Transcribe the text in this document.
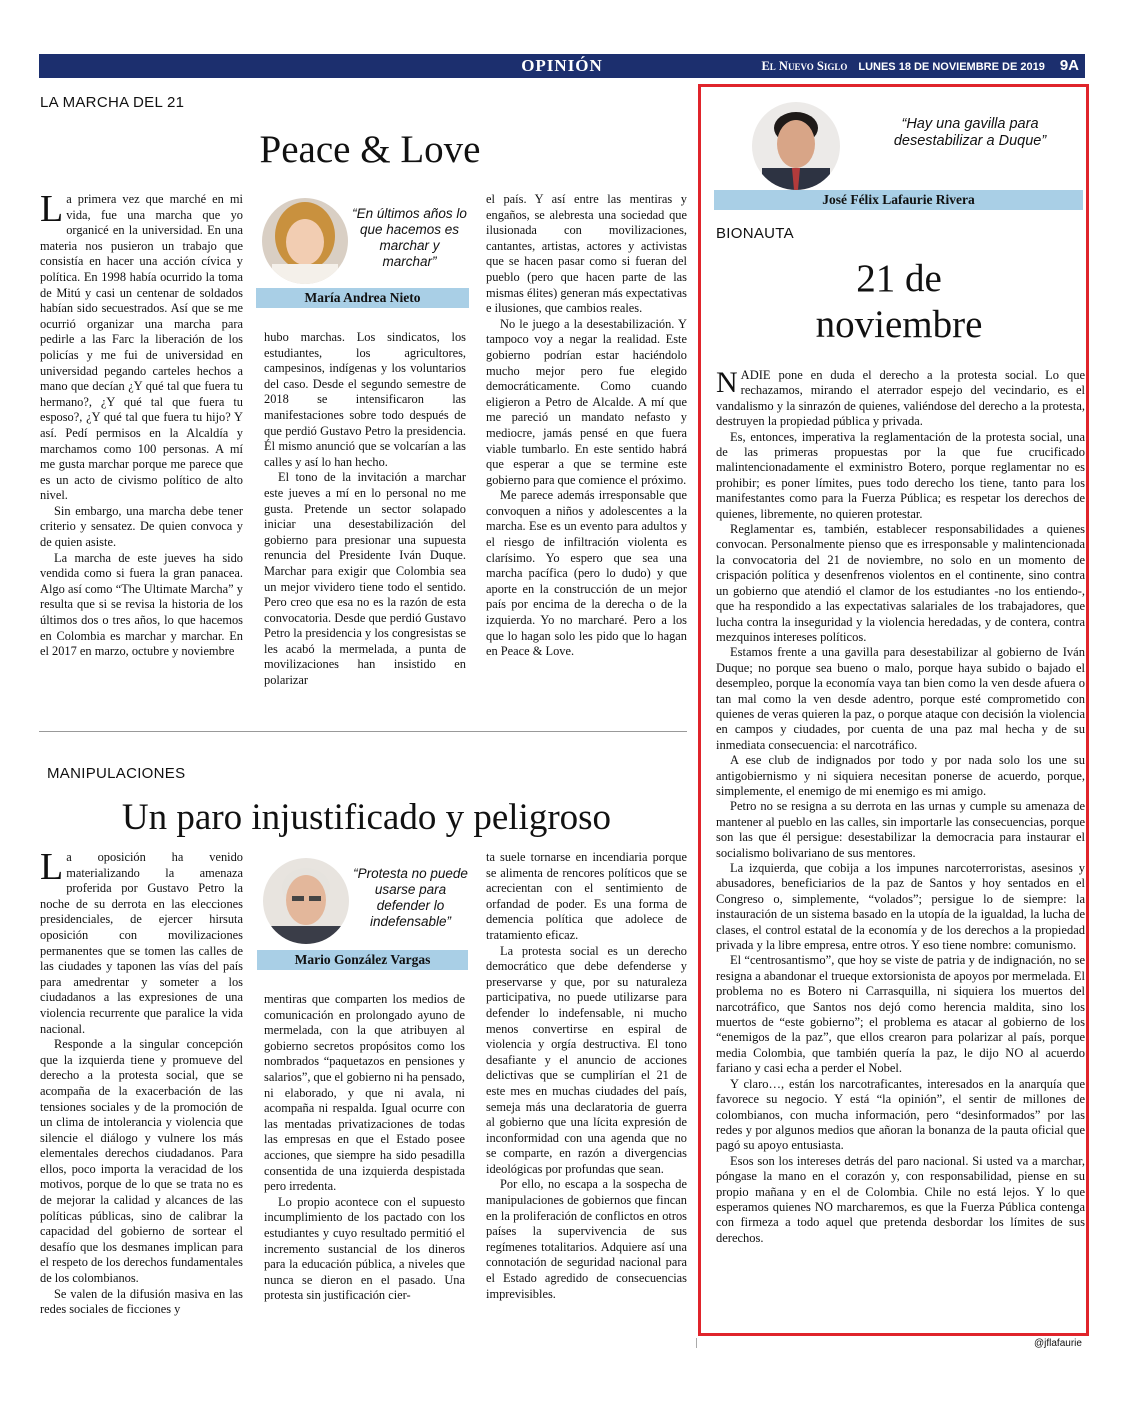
OPINIÓN	El Nuevo Siglo LUNES 18 DE NOVIEMBRE DE 2019 9A
LA MARCHA DEL 21
Peace & Love

La primera vez que marché en mi vida, fue una marcha que yo organicé en la universidad. En una materia nos pusieron un trabajo que consistía en hacer una acción cívica y política. En 1998 había ocurrido la toma de Mitú y casi un centenar de soldados habían sido secuestrados. Así que se me ocurrió organizar una marcha para pedirle a las Farc la liberación de los policías y me fui de universidad en universidad pegando carteles hechos a mano que decían ¿Y qué tal que fuera tu hermano?, ¿Y qué tal que fuera tu esposo?, ¿Y qué tal que fuera tu hijo? Y así. Pedí permisos en la Alcaldía y marchamos como 100 personas. A mí me gusta marchar porque me parece que es un acto de civismo político de alto nivel.

Sin embargo, una marcha debe tener criterio y sensatez. De quien convoca y de quien asiste.

La marcha de este jueves ha sido vendida como si fuera la gran panacea. Algo así como “The Ultimate Marcha” y resulta que si se revisa la historia de los últimos dos o tres años, lo que hacemos en Colombia es marchar y marchar. En el 2017 en marzo, octubre y noviembre

“En últimos años lo que hacemos es marchar y marchar”
María Andrea Nieto

hubo marchas. Los sindicatos, los estudiantes, los agricultores, campesinos, indígenas y los voluntarios del caso. Desde el segundo semestre de 2018 se intensificaron las manifestaciones sobre todo después de que perdió Gustavo Petro la presidencia. Él mismo anunció que se volcarían a las calles y así lo han hecho.

El tono de la invitación a marchar este jueves a mí en lo personal no me gusta. Pretende un sector solapado iniciar una desestabilización del gobierno para presionar una supuesta renuncia del Presidente Iván Duque. Marchar para exigir que Colombia sea un mejor vividero tiene todo el sentido. Pero creo que esa no es la razón de esta convocatoria. Desde que perdió Gustavo Petro la presidencia y los congresistas se les acabó la mermelada, a punta de movilizaciones han insistido en polarizar

el país. Y así entre las mentiras y engaños, se alebresta una sociedad que ilusionada con movilizaciones, cantantes, artistas, actores y activistas que se hacen pasar como si fueran del pueblo (pero que hacen parte de las mismas élites) generan más expectativas e ilusiones, que cambios reales.

No le juego a la desestabilización. Y tampoco voy a negar la realidad. Este gobierno podrían estar haciéndolo mucho mejor pero fue elegido democráticamente. Como cuando eligieron a Petro de Alcalde. A mí que me pareció un mandato nefasto y mediocre, jamás pensé en que fuera viable tumbarlo. En este sentido habrá que esperar a que se termine este gobierno para que comience el próximo.

Me parece además irresponsable que convoquen a niños y adolescentes a la marcha. Ese es un evento para adultos y el riesgo de infiltración violenta es clarísimo. Yo espero que sea una marcha pacífica (pero lo dudo) y que aporte en la construcción de un mejor país por encima de la derecha o de la izquierda. Yo no marcharé. Pero a los que lo hagan solo les pido que lo hagan en Peace & Love.

MANIPULACIONES
Un paro injustificado y peligroso

La oposición ha venido materializando la amenaza proferida por Gustavo Petro la noche de su derrota en las elecciones presidenciales, de ejercer hirsuta oposición con movilizaciones permanentes que se tomen las calles de las ciudades y taponen las vías del país para amedrentar y someter a los ciudadanos a las expresiones de una violencia recurrente que paralice la vida nacional.

Responde a la singular concepción que la izquierda tiene y promueve del derecho a la protesta social, que se acompaña de la exacerbación de las tensiones sociales y de la promoción de un clima de intolerancia y violencia que silencie el diálogo y vulnere los más elementales derechos ciudadanos. Para ellos, poco importa la veracidad de los motivos, porque de lo que se trata no es de mejorar la calidad y alcances de las políticas públicas, sino de calibrar la capacidad del gobierno de sortear el desafío que los desmanes implican para el respeto de los derechos fundamentales de los colombianos.

Se valen de la difusión masiva en las redes sociales de ficciones y

“Protesta no puede usarse para defender lo indefensable”
Mario González Vargas

mentiras que comparten los medios de comunicación en prolongado ayuno de mermelada, con la que atribuyen al gobierno secretos propósitos como los nombrados “paquetazos en pensiones y salarios”, que el gobierno ni ha pensado, ni elaborado, y que ni avala, ni acompaña ni respalda. Igual ocurre con las mentadas privatizaciones de todas las empresas en que el Estado posee acciones, que siempre ha sido pesadilla consentida de una izquierda despistada pero irredenta.

Lo propio acontece con el supuesto incumplimiento de los pactado con los estudiantes y cuyo resultado permitió el incremento sustancial de los dineros para la educación pública, a niveles que nunca se dieron en el pasado. Una protesta sin justificación cier-

ta suele tornarse en incendiaria porque se alimenta de rencores políticos que se acrecientan con el sentimiento de orfandad de poder. Es una forma de demencia política que adolece de tratamiento eficaz.

La protesta social es un derecho democrático que debe defenderse y preservarse y que, por su naturaleza participativa, no puede utilizarse para defender lo indefensable, ni mucho menos convertirse en espiral de violencia y orgía destructiva. El tono desafiante y el anuncio de acciones delictivas que se cumplirían el 21 de este mes en muchas ciudades del país, semeja más una declaratoria de guerra al gobierno que una lícita expresión de inconformidad con una agenda que no se comparte, en razón a divergencias ideológicas por profundas que sean.

Por ello, no escapa a la sospecha de manipulaciones de gobiernos que fincan en la proliferación de conflictos en otros países la supervivencia de sus regímenes totalitarios. Adquiere así una connotación de seguridad nacional para el Estado agredido de consecuencias imprevisibles.

“Hay una gavilla para desestabilizar a Duque”
José Félix Lafaurie Rivera
BIONAUTA
21 de
noviembre

NADIE pone en duda el derecho a la protesta social. Lo que rechazamos, mirando el aterrador espejo del vecindario, es el vandalismo y la sinrazón de quienes, valiéndose del derecho a la protesta, destruyen la propiedad pública y privada.

Es, entonces, imperativa la reglamentación de la protesta social, una de las primeras propuestas por la que fue crucificado malintencionadamente el exministro Botero, porque reglamentar no es prohibir; es poner límites, pues todo derecho los tiene, tanto para los manifestantes como para la Fuerza Pública; es respetar los derechos de quienes, libremente, no quieren protestar.

Reglamentar es, también, establecer responsabilidades a quienes convocan. Personalmente pienso que es irresponsable y malintencionada la convocatoria del 21 de noviembre, no solo en un momento de crispación política y desenfrenos violentos en el continente, sino contra un gobierno que atendió el clamor de los estudiantes -no los entiendo-, que ha respondido a las expectativas salariales de los trabajadores, que lucha contra la inseguridad y la violencia heredadas, y de contera, contra mezquinos intereses políticos.

Estamos frente a una gavilla para desestabilizar al gobierno de Iván Duque; no porque sea bueno o malo, porque haya subido o bajado el desempleo, porque la economía vaya tan bien como la ven desde afuera o tan mal como la ven desde adentro, porque esté comprometido con quienes de veras quieren la paz, o porque ataque con decisión la violencia en campos y ciudades, por cuenta de una paz mal hecha y de su inmediata consecuencia: el narcotráfico.

A ese club de indignados por todo y por nada solo los une su antigobiernismo y ni siquiera necesitan ponerse de acuerdo, porque, simplemente, el enemigo de mi enemigo es mi amigo.

Petro no se resigna a su derrota en las urnas y cumple su amenaza de mantener al pueblo en las calles, sin importarle las consecuencias, porque son las que él persigue: desestabilizar la democracia para instaurar el socialismo bolivariano de sus mentores.

La izquierda, que cobija a los impunes narcoterroristas, asesinos y abusadores, beneficiarios de la paz de Santos y hoy sentados en el Congreso o, simplemente, “volados”; persigue lo de siempre: la instauración de un sistema basado en la utopía de la igualdad, la lucha de clases, el control estatal de la economía y de los derechos a la propiedad privada y la libre empresa, entre otros. Y eso tiene nombre: comunismo.

El “centrosantismo”, que hoy se viste de patria y de indignación, no se resigna a abandonar el trueque extorsionista de apoyos por mermelada. El problema no es Botero ni Carrasquilla, ni siquiera los muertos del narcotráfico, que Santos nos dejó como herencia maldita, sino los muertos de “este gobierno”; el problema es atacar al gobierno de los “enemigos de la paz”, que ellos crearon para polarizar al país, porque media Colombia, que también quería la paz, le dijo NO al acuerdo fariano y casi echa a perder el Nobel.

Y claro…, están los narcotraficantes, interesados en la anarquía que favorece su negocio. Y está “la opinión”, el sentir de millones de colombianos, con mucha información, pero “desinformados” por las redes y por algunos medios que añoran la bonanza de la pauta oficial que pagó su apoyo entusiasta.

Esos son los intereses detrás del paro nacional. Si usted va a marchar, póngase la mano en el corazón y, con responsabilidad, piense en su propio mañana y en el de Colombia. Chile no está lejos. Y lo que esperamos quienes NO marcharemos, es que la Fuerza Pública contenga con firmeza a todo aquel que pretenda desbordar los límites de sus derechos.

@jflafaurie
